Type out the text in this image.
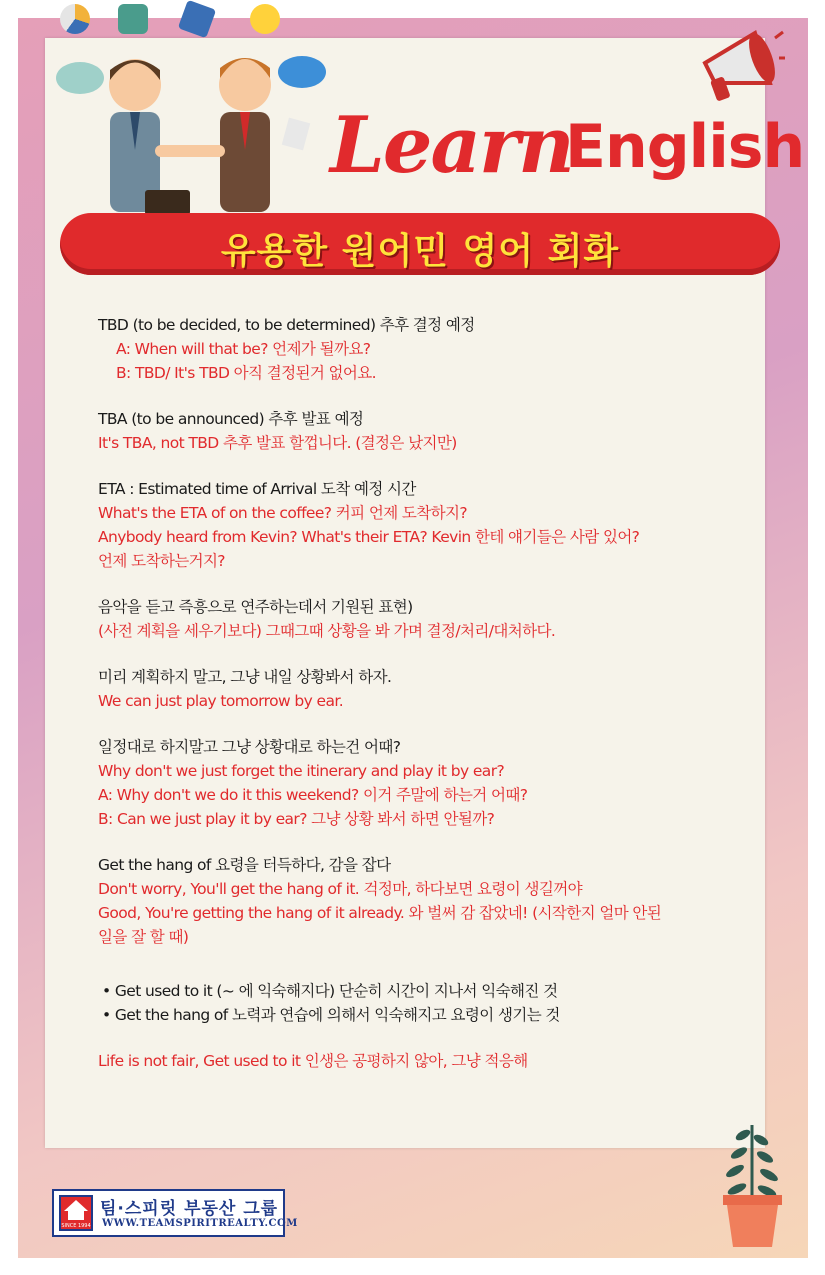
Learn
English
유용한 원어민 영어 회화
TBD (to be decided, to be determined) 추후 결정 예정
A: When will that be? 언제가 될까요?
B: TBD/ It's TBD 아직 결정된거 없어요.
TBA (to be announced) 추후 발표 예정
It's TBA, not TBD 추후 발표 할껍니다. (결정은 났지만)
ETA : Estimated time of Arrival 도착 예정 시간
What's the ETA of on the coffee? 커피 언제 도착하지?
Anybody heard from Kevin? What's their ETA? Kevin 한테 얘기들은 사람 있어?
언제 도착하는거지?
음악을 듣고 즉흥으로 연주하는데서 기원된 표현)
(사전 계획을 세우기보다) 그때그때 상황을 봐 가며 결정/처리/대처하다.
미리 계획하지 말고, 그냥 내일 상황봐서 하자.
We can just play tomorrow by ear.
일정대로 하지말고 그냥 상황대로 하는건 어때?
Why don't we just forget the itinerary and play it by ear?
A: Why don't we do it this weekend? 이거 주말에 하는거 어때?
B: Can we just play it by ear? 그냥 상황 봐서 하면 안될까?
Get the hang of 요령을 터득하다, 감을 잡다
Don't worry, You'll get the hang of it. 걱정마, 하다보면 요령이 생길꺼야
Good, You're getting the hang of it already. 와 벌써 감 잡았네! (시작한지 얼마 안된
일을 잘 할 때)
• Get used to it (~ 에 익숙해지다) 단순히 시간이 지나서 익숙해진 것
• Get the hang of 노력과 연습에 의해서 익숙해지고 요령이 생기는 것
Life is not fair, Get used to it 인생은 공평하지 않아, 그냥 적응해
SINCE 1994
팀·스피릿 부동산 그룹
WWW.TEAMSPIRITREALTY.COM
